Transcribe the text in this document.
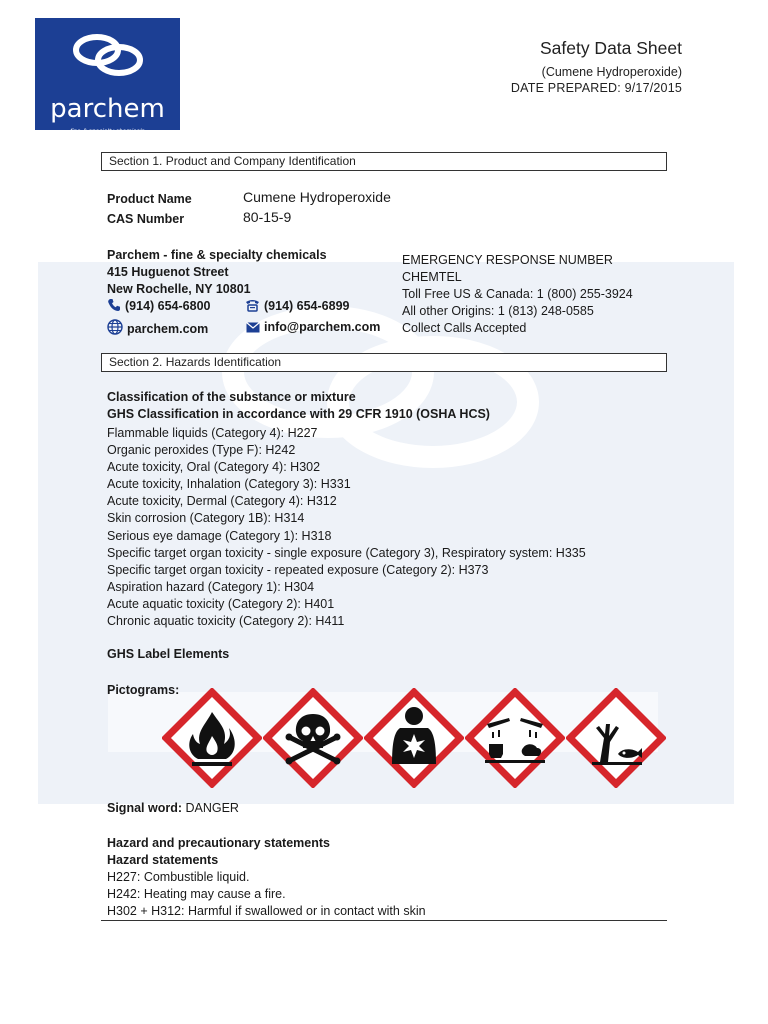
parchem
fine & specialty chemicals
Safety Data Sheet
(Cumene Hydroperoxide)
DATE PREPARED: 9/17/2015
Section 1. Product and Company Identification
Product Name	Cumene Hydroperoxide
CAS Number	80-15-9
Parchem - fine & specialty chemicals
415 Huguenot Street
New Rochelle, NY 10801
(914) 654-6800	(914) 654-6899
parchem.com	info@parchem.com
EMERGENCY RESPONSE NUMBER
CHEMTEL
Toll Free US & Canada: 1 (800) 255-3924
All other Origins: 1 (813) 248-0585
Collect Calls Accepted
Section 2. Hazards Identification
Classification of the substance or mixture
GHS Classification in accordance with 29 CFR 1910 (OSHA HCS)
Flammable liquids (Category 4): H227
Organic peroxides (Type F): H242
Acute toxicity, Oral (Category 4): H302
Acute toxicity, Inhalation (Category 3): H331
Acute toxicity, Dermal (Category 4): H312
Skin corrosion (Category 1B): H314
Serious eye damage (Category 1): H318
Specific target organ toxicity - single exposure (Category 3), Respiratory system: H335
Specific target organ toxicity - repeated exposure (Category 2): H373
Aspiration hazard (Category 1): H304
Acute aquatic toxicity (Category 2): H401
Chronic aquatic toxicity (Category 2): H411
GHS Label Elements
Pictograms:
Signal word: DANGER
Hazard and precautionary statements
Hazard statements
H227: Combustible liquid.
H242: Heating may cause a fire.
H302 + H312: Harmful if swallowed or in contact with skin
